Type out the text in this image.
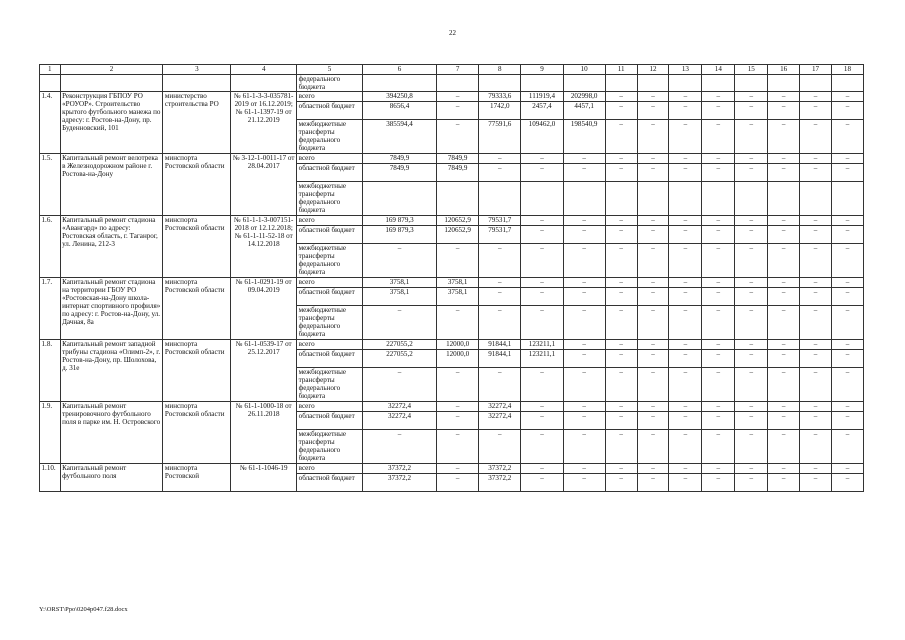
22
1	2	3	4	5	6	7	8	9	10	11	12	13	14	15	16	17	18
				федерального бюджета													
1.4.	Реконструкция ГБПОУ РО «РОУОР». Строительство крытого футбольного манежа по адресу: г. Ростов-на-Дону, пр. Буденновский, 101	министерство строительства РО	№ 61-1-3-3-035781-2019 от 16.12.2019; № 61-1-1397-19 от 21.12.2019	всего	394250,8	–	79333,6	111919,4	202998,0	–	–	–	–	–	–	–	–
				областной бюджет	8656,4	–	1742,0	2457,4	4457,1	–	–	–	–	–	–	–	–
				межбюджетные трансферты федерального бюджета	385594,4	–	77591,6	109462,0	198540,9	–	–	–	–	–	–	–	–
1.5.	Капитальный ремонт велотрека в Железнодорожном районе г. Ростова-на-Дону	минспорта Ростовской области	№ 3-12-1-0011-17 от 28.04.2017	всего	7849,9	7849,9	–	–	–	–	–	–	–	–	–	–	–
				областной бюджет	7849,9	7849,9	–	–	–	–	–	–	–	–	–	–	–
				межбюджетные трансферты федерального бюджета													
1.6.	Капитальный ремонт стадиона «Авангард» по адресу: Ростовская область, г. Таганрог, ул. Ленина, 212-3	минспорта Ростовской области	№ 61-1-1-3-007151-2018 от 12.12.2018; № 61-1-11-52-18 от 14.12.2018	всего	169 879,3	120652,9	79531,7	–	–	–	–	–	–	–	–	–	–
				областной бюджет	169 879,3	120652,9	79531,7	–	–	–	–	–	–	–	–	–	–
				межбюджетные трансферты федерального бюджета	–	–	–	–	–	–	–	–	–	–	–	–	–
1.7.	Капитальный ремонт стадиона на территории ГБОУ РО «Ростовская-на-Дону школа-интернат спортивного профиля» по адресу: г. Ростов-на-Дону, ул. Дачная, 8а	минспорта Ростовской области	№ 61-1-0291-19 от 09.04.2019	всего	3758,1	3758,1	–	–	–	–	–	–	–	–	–	–	–
				областной бюджет	3758,1	3758,1	–	–	–	–	–	–	–	–	–	–	–
				межбюджетные трансферты федерального бюджета	–	–	–	–	–	–	–	–	–	–	–	–	–
1.8.	Капитальный ремонт западной трибуны стадиона «Олимп-2», г. Ростов-на-Дону, пр. Шолохова, д. 31е	минспорта Ростовской области	№ 61-1-0539-17 от 25.12.2017	всего	227055,2	12000,0	91844,1	123211,1	–	–	–	–	–	–	–	–	–
				областной бюджет	227055,2	12000,0	91844,1	123211,1	–	–	–	–	–	–	–	–	–
				межбюджетные трансферты федерального бюджета	–	–	–	–	–	–	–	–	–	–	–	–	–
1.9.	Капитальный ремонт тренировочного футбольного поля в парке им. Н. Островского	минспорта Ростовской области	№ 61-1-1000-18 от 26.11.2018	всего	32272,4	–	32272,4	–	–	–	–	–	–	–	–	–	–
				областной бюджет	32272,4	–	32272,4	–	–	–	–	–	–	–	–	–	–
				межбюджетные трансферты федерального бюджета	–	–	–	–	–	–	–	–	–	–	–	–	–
1.10.	Капитальный ремонт футбольного поля	минспорта Ростовской	№ 61-1-1046-19	всего	37372,2	–	37372,2	–	–	–	–	–	–	–	–	–	–
				областной бюджет	37372,2	–	37372,2	–	–	–	–	–	–	–	–	–	–
Y:\ORST\Ppo\0204p047.f28.docx
